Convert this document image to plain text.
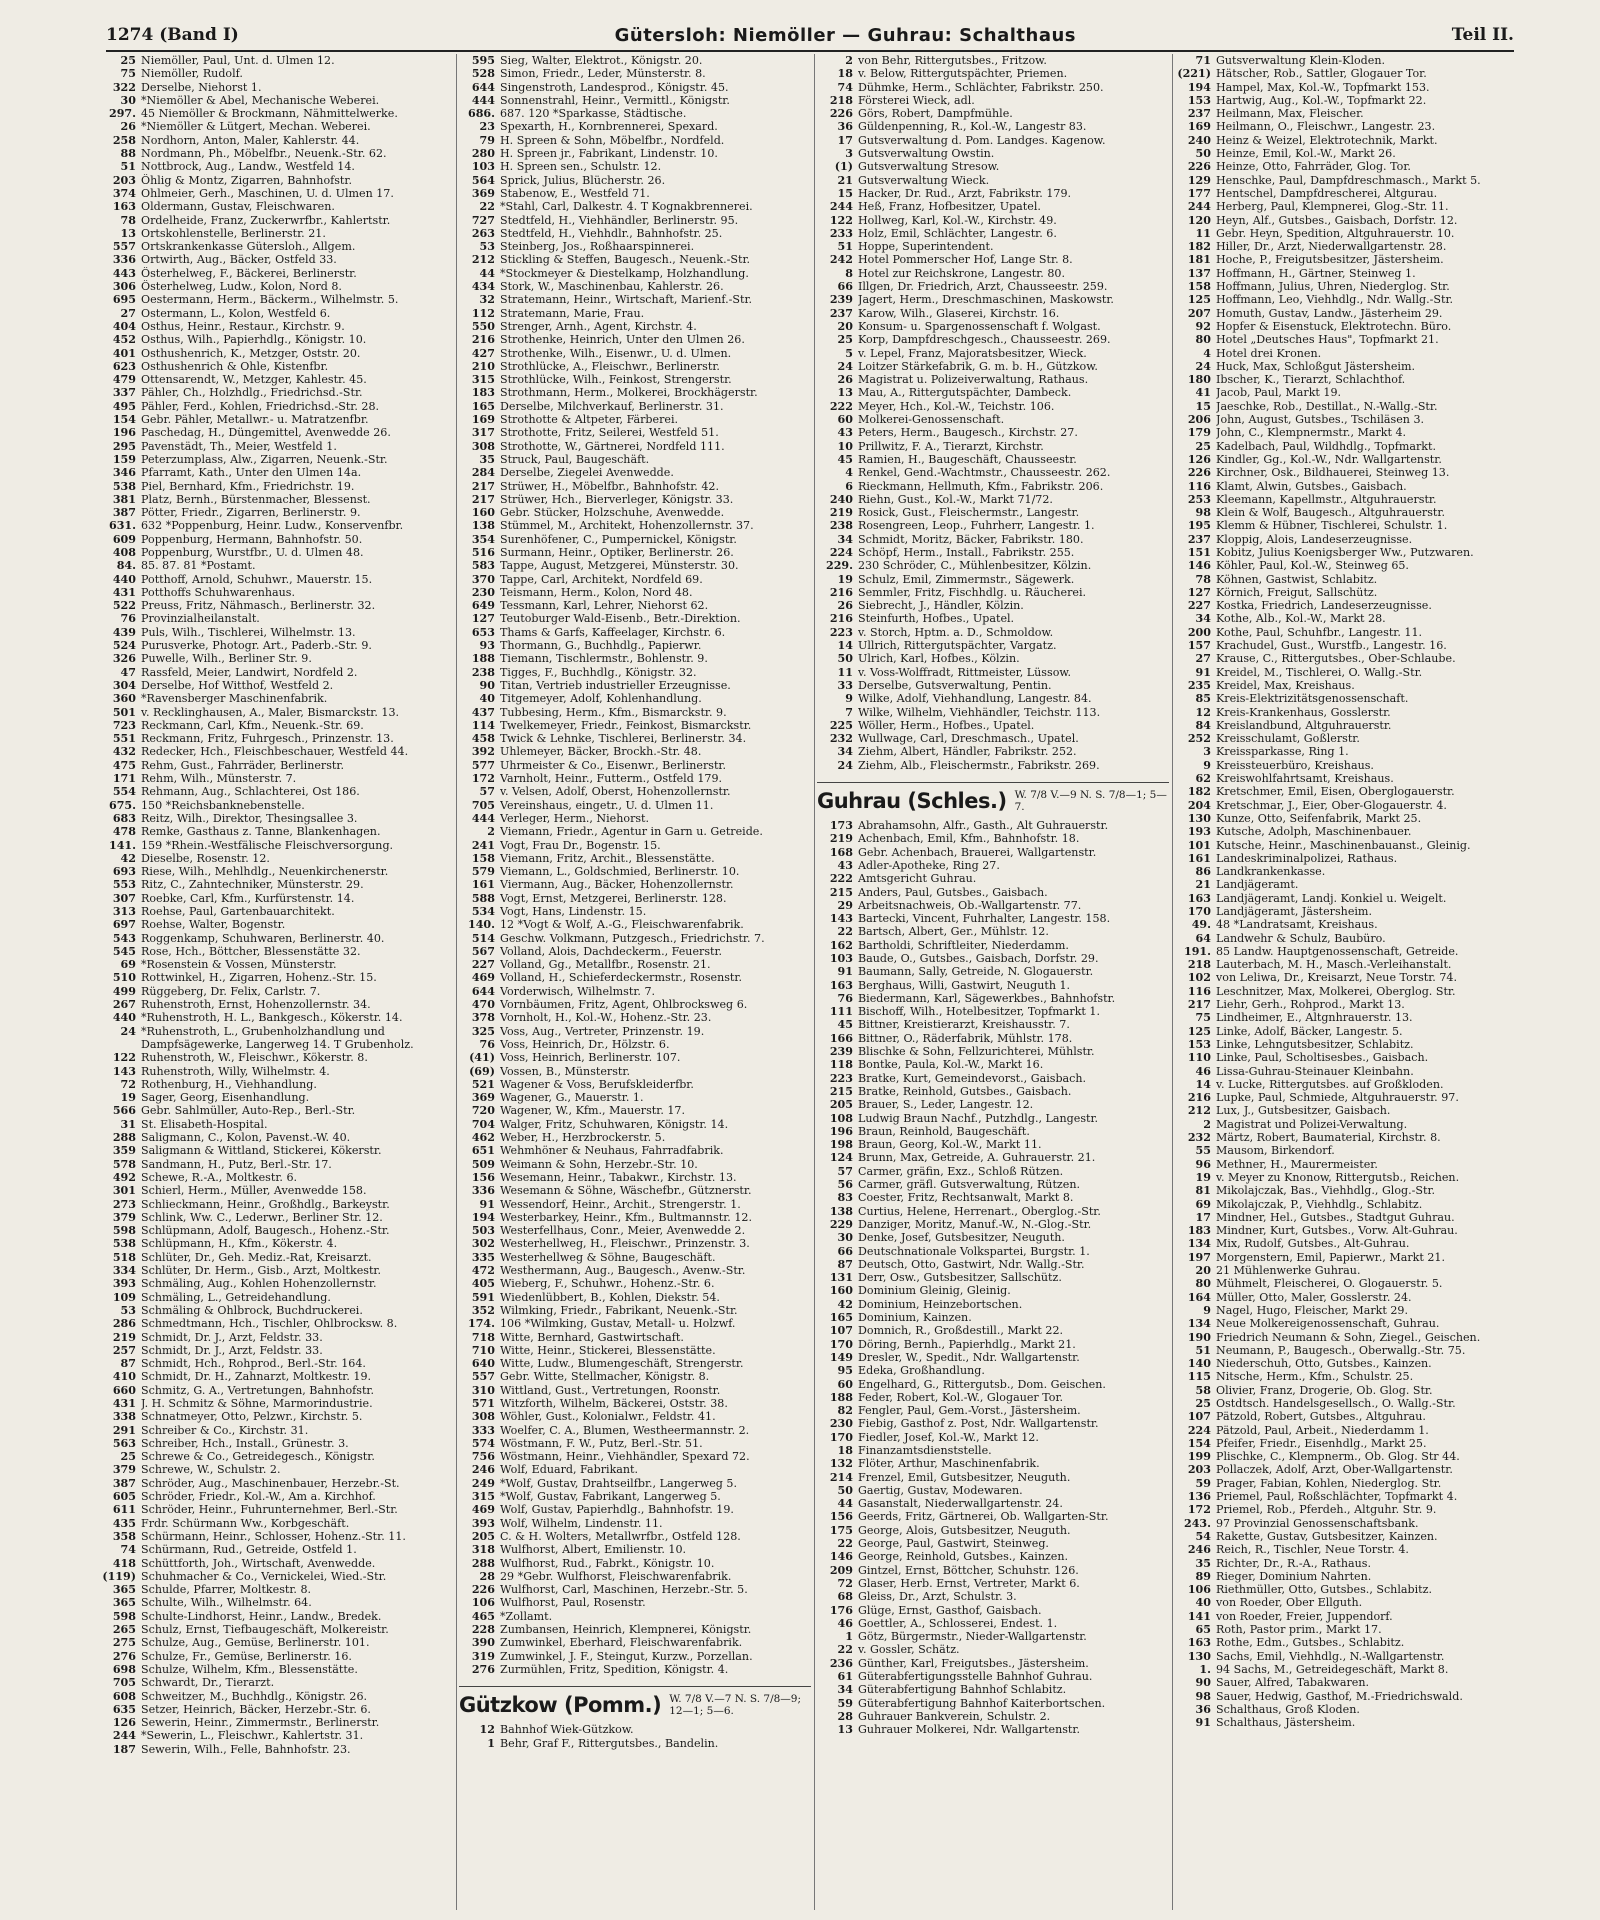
1274 (Band I)	Gütersloh: Niemöller — Guhrau: Schalthaus	Teil II.
25 Niemöller, Paul, Unt. d. Ulmen 12.
75 Niemöller, Rudolf.
322 Derselbe, Niehorst 1.
30 *Niemöller & Abel, Mechanische Weberei.
297. 45 Niemöller & Brockmann, Nähmittelwerke.
26 *Niemöller & Lütgert, Mechan. Weberei.
258 Nordhorn, Anton, Maler, Kahlerstr. 44.
88 Nordmann, Ph., Möbelfbr., Neuenk.-Str. 62.
51 Nottbrock, Aug., Landw., Westfeld 14.
203 Öhlig & Montz, Zigarren, Bahnhofstr.
374 Ohlmeier, Gerh., Maschinen, U. d. Ulmen 17.
163 Oldermann, Gustav, Fleischwaren.
78 Ordelheide, Franz, Zuckerwrfbr., Kahlertstr.
13 Ortskohlenstelle, Berlinerstr. 21.
557 Ortskrankenkasse Gütersloh., Allgem.
336 Ortwirth, Aug., Bäcker, Ostfeld 33.
443 Österhelweg, F., Bäckerei, Berlinerstr.
306 Österhelweg, Ludw., Kolon, Nord 8.
695 Oestermann, Herm., Bäckerm., Wilhelmstr. 5.
27 Ostermann, L., Kolon, Westfeld 6.
404 Osthus, Heinr., Restaur., Kirchstr. 9.
452 Osthus, Wilh., Papierhdlg., Königstr. 10.
401 Osthushenrich, K., Metzger, Oststr. 20.
623 Osthushenrich & Ohle, Kistenfbr.
479 Ottensarendt, W., Metzger, Kahlestr. 45.
337 Pähler, Ch., Holzhdlg., Friedrichsd.-Str.
495 Pähler, Ferd., Kohlen, Friedrichsd.-Str. 28.
154 Gebr. Pähler, Metallwr.- u. Matratzenfbr.
196 Paschedag, H., Düngemittel, Avenwedde 26.
295 Pavenstädt, Th., Meier, Westfeld 1.
159 Peterzumplass, Alw., Zigarren, Neuenk.-Str.
346 Pfarramt, Kath., Unter den Ulmen 14a.
538 Piel, Bernhard, Kfm., Friedrichstr. 19.
381 Platz, Bernh., Bürstenmacher, Blessenst.
387 Pötter, Friedr., Zigarren, Berlinerstr. 9.
631. 632 *Poppenburg, Heinr. Ludw., Konservenfbr.
609 Poppenburg, Hermann, Bahnhofstr. 50.
408 Poppenburg, Wurstfbr., U. d. Ulmen 48.
84. 85. 87. 81 *Postamt.
440 Potthoff, Arnold, Schuhwr., Mauerstr. 15.
431 Potthoffs Schuhwarenhaus.
522 Preuss, Fritz, Nähmasch., Berlinerstr. 32.
76 Provinzialheilanstalt.
439 Puls, Wilh., Tischlerei, Wilhelmstr. 13.
524 Purusverke, Photogr. Art., Paderb.-Str. 9.
326 Puwelle, Wilh., Berliner Str. 9.
47 Rassfeld, Meier, Landwirt, Nordfeld 2.
304 Derselbe, Hof Witthof, Westfeld 2.
360 *Ravensberger Maschinenfabrik.
501 v. Recklinghausen, A., Maler, Bismarckstr. 13.
723 Reckmann, Carl, Kfm., Neuenk.-Str. 69.
551 Reckmann, Fritz, Fuhrgesch., Prinzenstr. 13.
432 Redecker, Hch., Fleischbeschauer, Westfeld 44.
475 Rehm, Gust., Fahrräder, Berlinerstr.
171 Rehm, Wilh., Münsterstr. 7.
554 Rehmann, Aug., Schlachterei, Ost 186.
675. 150 *Reichsbanknebenstelle.
683 Reitz, Wilh., Direktor, Thesingsallee 3.
478 Remke, Gasthaus z. Tanne, Blankenhagen.
141. 159 *Rhein.-Westfälische Fleischversorgung.
42 Dieselbe, Rosenstr. 12.
693 Riese, Wilh., Mehlhdlg., Neuenkirchenerstr.
553 Ritz, C., Zahntechniker, Münsterstr. 29.
307 Roebke, Carl, Kfm., Kurfürstenstr. 14.
313 Roehse, Paul, Gartenbauarchitekt.
697 Roehse, Walter, Bogenstr.
543 Roggenkamp, Schuhwaren, Berlinerstr. 40.
545 Rose, Hch., Böttcher, Blessenstätte 32.
69 *Rosenstein & Vossen, Münsterstr.
510 Rottwinkel, H., Zigarren, Hohenz.-Str. 15.
499 Rüggeberg, Dr. Felix, Carlstr. 7.
267 Ruhenstroth, Ernst, Hohenzollernstr. 34.
440 *Ruhenstroth, H. L., Bankgesch., Kökerstr. 14.
24 *Ruhenstroth, L., Grubenholzhandlung und
Dampfsägewerke, Langerweg 14. T Grubenholz.
122 Ruhenstroth, W., Fleischwr., Kökerstr. 8.
143 Ruhenstroth, Willy, Wilhelmstr. 4.
72 Rothenburg, H., Viehhandlung.
19 Sager, Georg, Eisenhandlung.
566 Gebr. Sahlmüller, Auto-Rep., Berl.-Str.
31 St. Elisabeth-Hospital.
288 Saligmann, C., Kolon, Pavenst.-W. 40.
359 Saligmann & Wittland, Stickerei, Kökerstr.
578 Sandmann, H., Putz, Berl.-Str. 17.
492 Schewe, R.-A., Moltkestr. 6.
301 Schierl, Herm., Müller, Avenwedde 158.
273 Schlieckmann, Heinr., Großhdlg., Barkeystr.
379 Schlink, Ww. C., Lederwr., Berliner Str. 12.
598 Schlüpmann, Adolf, Baugesch., Hohenz.-Str.
538 Schlüpmann, H., Kfm., Kökerstr. 4.
518 Schlüter, Dr., Geh. Mediz.-Rat, Kreisarzt.
334 Schlüter, Dr. Herm., Gisb., Arzt, Moltkestr.
393 Schmäling, Aug., Kohlen Hohenzollernstr.
109 Schmäling, L., Getreidehandlung.
53 Schmäling & Ohlbrock, Buchdruckerei.
286 Schmedtmann, Hch., Tischler, Ohlbrocksw. 8.
219 Schmidt, Dr. J., Arzt, Feldstr. 33.
257 Schmidt, Dr. J., Arzt, Feldstr. 33.
87 Schmidt, Hch., Rohprod., Berl.-Str. 164.
410 Schmidt, Dr. H., Zahnarzt, Moltkestr. 19.
660 Schmitz, G. A., Vertretungen, Bahnhofstr.
431 J. H. Schmitz & Söhne, Marmorindustrie.
338 Schnatmeyer, Otto, Pelzwr., Kirchstr. 5.
291 Schreiber & Co., Kirchstr. 31.
563 Schreiber, Hch., Install., Grünestr. 3.
25 Schrewe & Co., Getreidegesch., Königstr.
379 Schrewe, W., Schulstr. 2.
387 Schröder, Aug., Maschinenbauer, Herzebr.-St.
605 Schröder, Friedr., Kol.-W., Am a. Kirchhof.
611 Schröder, Heinr., Fuhrunternehmer, Berl.-Str.
435 Frdr. Schürmann Ww., Korbgeschäft.
358 Schürmann, Heinr., Schlosser, Hohenz.-Str. 11.
74 Schürmann, Rud., Getreide, Ostfeld 1.
418 Schüttforth, Joh., Wirtschaft, Avenwedde.
(119) Schuhmacher & Co., Vernickelei, Wied.-Str.
365 Schulde, Pfarrer, Moltkestr. 8.
365 Schulte, Wilh., Wilhelmstr. 64.
598 Schulte-Lindhorst, Heinr., Landw., Bredek.
265 Schulz, Ernst, Tiefbaugeschäft, Molkereistr.
275 Schulze, Aug., Gemüse, Berlinerstr. 101.
276 Schulze, Fr., Gemüse, Berlinerstr. 16.
698 Schulze, Wilhelm, Kfm., Blessenstätte.
705 Schwardt, Dr., Tierarzt.
608 Schweitzer, M., Buchhdlg., Königstr. 26.
635 Setzer, Heinrich, Bäcker, Herzebr.-Str. 6.
126 Sewerin, Heinr., Zimmermstr., Berlinerstr.
244 *Sewerin, L., Fleischwr., Kahlertstr. 31.
187 Sewerin, Wilh., Felle, Bahnhofstr. 23.
595 Sieg, Walter, Elektrot., Königstr. 20.
528 Simon, Friedr., Leder, Münsterstr. 8.
644 Singenstroth, Landesprod., Königstr. 45.
444 Sonnenstrahl, Heinr., Vermittl., Königstr.
686. 687. 120 *Sparkasse, Städtische.
23 Spexarth, H., Kornbrennerei, Spexard.
79 H. Spreen & Sohn, Möbelfbr., Nordfeld.
280 H. Spreen jr., Fabrikant, Lindenstr. 10.
103 H. Spreen sen., Schulstr. 12.
564 Sprick, Julius, Blücherstr. 26.
369 Stabenow, E., Westfeld 71.
22 *Stahl, Carl, Dalkestr. 4. T Kognakbrennerei.
727 Stedtfeld, H., Viehhändler, Berlinerstr. 95.
263 Stedtfeld, H., Viehhdlr., Bahnhofstr. 25.
53 Steinberg, Jos., Roßhaarspinnerei.
212 Stickling & Steffen, Baugesch., Neuenk.-Str.
44 *Stockmeyer & Diestelkamp, Holzhandlung.
434 Stork, W., Maschinenbau, Kahlerstr. 26.
32 Stratemann, Heinr., Wirtschaft, Marienf.-Str.
112 Stratemann, Marie, Frau.
550 Strenger, Arnh., Agent, Kirchstr. 4.
216 Strothenke, Heinrich, Unter den Ulmen 26.
427 Strothenke, Wilh., Eisenwr., U. d. Ulmen.
210 Strothlücke, A., Fleischwr., Berlinerstr.
315 Strothlücke, Wilh., Feinkost, Strengerstr.
183 Strothmann, Herm., Molkerei, Brockhägerstr.
165 Derselbe, Milchverkauf, Berlinerstr. 31.
169 Strothotte & Altpeter, Färberei.
317 Strothotte, Fritz, Seilerei, Westfeld 51.
308 Strothotte, W., Gärtnerei, Nordfeld 111.
35 Struck, Paul, Baugeschäft.
284 Derselbe, Ziegelei Avenwedde.
217 Strüwer, H., Möbelfbr., Bahnhofstr. 42.
217 Strüwer, Hch., Bierverleger, Königstr. 33.
160 Gebr. Stücker, Holzschuhe, Avenwedde.
138 Stümmel, M., Architekt, Hohenzollernstr. 37.
354 Surenhöfener, C., Pumpernickel, Königstr.
516 Surmann, Heinr., Optiker, Berlinerstr. 26.
583 Tappe, August, Metzgerei, Münsterstr. 30.
370 Tappe, Carl, Architekt, Nordfeld 69.
230 Teismann, Herm., Kolon, Nord 48.
649 Tessmann, Karl, Lehrer, Niehorst 62.
127 Teutoburger Wald-Eisenb., Betr.-Direktion.
653 Thams & Garfs, Kaffeelager, Kirchstr. 6.
93 Thormann, G., Buchhdlg., Papierwr.
188 Tiemann, Tischlermstr., Bohlenstr. 9.
238 Tigges, F., Buchhdlg., Königstr. 32.
90 Titan, Vertrieb industrieller Erzeugnisse.
40 Titgemeyer, Adolf, Kohlenhandlung.
437 Tubbesing, Herm., Kfm., Bismarckstr. 9.
114 Twelkemeyer, Friedr., Feinkost, Bismarckstr.
458 Twick & Lehnke, Tischlerei, Berlinerstr. 34.
392 Uhlemeyer, Bäcker, Brockh.-Str. 48.
577 Uhrmeister & Co., Eisenwr., Berlinerstr.
172 Varnholt, Heinr., Futterm., Ostfeld 179.
57 v. Velsen, Adolf, Oberst, Hohenzollernstr.
705 Vereinshaus, eingetr., U. d. Ulmen 11.
444 Verleger, Herm., Niehorst.
2 Viemann, Friedr., Agentur in Garn u. Getreide.
241 Vogt, Frau Dr., Bogenstr. 15.
158 Viemann, Fritz, Archit., Blessenstätte.
579 Viemann, L., Goldschmied, Berlinerstr. 10.
161 Viermann, Aug., Bäcker, Hohenzollernstr.
588 Vogt, Ernst, Metzgerei, Berlinerstr. 128.
534 Vogt, Hans, Lindenstr. 15.
140. 12 *Vogt & Wolf, A.-G., Fleischwarenfabrik.
514 Geschw. Volkmann, Putzgesch., Friedrichstr. 7.
567 Volland, Alois, Dachdeckerm., Feuerstr.
227 Volland, Gg., Metallfbr., Rosenstr. 21.
469 Volland, H., Schieferdeckermstr., Rosenstr.
644 Vorderwisch, Wilhelmstr. 7.
470 Vornbäumen, Fritz, Agent, Ohlbrocksweg 6.
378 Vornholt, H., Kol.-W., Hohenz.-Str. 23.
325 Voss, Aug., Vertreter, Prinzenstr. 19.
76 Voss, Heinrich, Dr., Hölzstr. 6.
(41) Voss, Heinrich, Berlinerstr. 107.
(69) Vossen, B., Münsterstr.
521 Wagener & Voss, Berufskleiderfbr.
369 Wagener, G., Mauerstr. 1.
720 Wagener, W., Kfm., Mauerstr. 17.
704 Walger, Fritz, Schuhwaren, Königstr. 14.
462 Weber, H., Herzbrockerstr. 5.
651 Wehmhöner & Neuhaus, Fahrradfabrik.
509 Weimann & Sohn, Herzebr.-Str. 10.
156 Wesemann, Heinr., Tabakwr., Kirchstr. 13.
336 Wesemann & Söhne, Wäschefbr., Gütznerstr.
91 Wessendorf, Heinr., Archit., Strengerstr. 1.
194 Westerbarkey, Heinr., Kfm., Bultmannstr. 12.
503 Westerfellhaus, Conr., Meier, Avenwedde 2.
302 Westerhellweg, H., Fleischwr., Prinzenstr. 3.
335 Westerhellweg & Söhne, Baugeschäft.
472 Westhermann, Aug., Baugesch., Avenw.-Str.
405 Wieberg, F., Schuhwr., Hohenz.-Str. 6.
591 Wiedenlübbert, B., Kohlen, Diekstr. 54.
352 Wilmking, Friedr., Fabrikant, Neuenk.-Str.
174. 106 *Wilmking, Gustav, Metall- u. Holzwf.
718 Witte, Bernhard, Gastwirtschaft.
710 Witte, Heinr., Stickerei, Blessenstätte.
640 Witte, Ludw., Blumengeschäft, Strengerstr.
557 Gebr. Witte, Stellmacher, Königstr. 8.
310 Wittland, Gust., Vertretungen, Roonstr.
571 Witzforth, Wilhelm, Bäckerei, Oststr. 38.
308 Wöhler, Gust., Kolonialwr., Feldstr. 41.
333 Woelfer, C. A., Blumen, Westheermannstr. 2.
574 Wöstmann, F. W., Putz, Berl.-Str. 51.
756 Wöstmann, Heinr., Viehhändler, Spexard 72.
246 Wolf, Eduard, Fabrikant.
249 *Wolf, Gustav, Drahtseilfbr., Langerweg 5.
315 *Wolf, Gustav, Fabrikant, Langerweg 5.
469 Wolf, Gustav, Papierhdlg., Bahnhofstr. 19.
393 Wolf, Wilhelm, Lindenstr. 11.
205 C. & H. Wolters, Metallwrfbr., Ostfeld 128.
318 Wulfhorst, Albert, Emilienstr. 10.
288 Wulfhorst, Rud., Fabrkt., Königstr. 10.
28 29 *Gebr. Wulfhorst, Fleischwarenfabrik.
226 Wulfhorst, Carl, Maschinen, Herzebr.-Str. 5.
106 Wulfhorst, Paul, Rosenstr.
465 *Zollamt.
228 Zumbansen, Heinrich, Klempnerei, Königstr.
390 Zumwinkel, Eberhard, Fleischwarenfabrik.
319 Zumwinkel, J. F., Steingut, Kurzw., Porzellan.
276 Zurmühlen, Fritz, Spedition, Königstr. 4.
Gützkow (Pomm.) W. 7/8 V.—7 N. S. 7/8—9; 12—1; 5—6.
12 Bahnhof Wiek-Gützkow.
1 Behr, Graf F., Rittergutsbes., Bandelin.
2 von Behr, Rittergutsbes., Fritzow.
18 v. Below, Rittergutspächter, Priemen.
74 Dühmke, Herm., Schlächter, Fabrikstr. 250.
218 Försterei Wieck, adl.
226 Görs, Robert, Dampfmühle.
36 Güldenpenning, R., Kol.-W., Langestr 83.
17 Gutsverwaltung d. Pom. Landges. Kagenow.
3 Gutsverwaltung Owstin.
(1) Gutsverwaltung Stresow.
21 Gutsverwaltung Wieck.
15 Hacker, Dr. Rud., Arzt, Fabrikstr. 179.
244 Heß, Franz, Hofbesitzer, Upatel.
122 Hollweg, Karl, Kol.-W., Kirchstr. 49.
233 Holz, Emil, Schlächter, Langestr. 6.
51 Hoppe, Superintendent.
242 Hotel Pommerscher Hof, Lange Str. 8.
8 Hotel zur Reichskrone, Langestr. 80.
66 Illgen, Dr. Friedrich, Arzt, Chausseestr. 259.
239 Jagert, Herm., Dreschmaschinen, Maskowstr.
237 Karow, Wilh., Glaserei, Kirchstr. 16.
20 Konsum- u. Spargenossenschaft f. Wolgast.
25 Korp, Dampfdreschgesch., Chausseestr. 269.
5 v. Lepel, Franz, Majoratsbesitzer, Wieck.
24 Loitzer Stärkefabrik, G. m. b. H., Gützkow.
26 Magistrat u. Polizeiverwaltung, Rathaus.
13 Mau, A., Rittergutspächter, Dambeck.
222 Meyer, Hch., Kol.-W., Teichstr. 106.
60 Molkerei-Genossenschaft.
43 Peters, Herm., Baugesch., Kirchstr. 27.
10 Prillwitz, F. A., Tierarzt, Kirchstr.
45 Ramien, H., Baugeschäft, Chausseestr.
4 Renkel, Gend.-Wachtmstr., Chausseestr. 262.
6 Rieckmann, Hellmuth, Kfm., Fabrikstr. 206.
240 Riehn, Gust., Kol.-W., Markt 71/72.
219 Rosick, Gust., Fleischermstr., Langestr.
238 Rosengreen, Leop., Fuhrherr, Langestr. 1.
34 Schmidt, Moritz, Bäcker, Fabrikstr. 180.
224 Schöpf, Herm., Install., Fabrikstr. 255.
229. 230 Schröder, C., Mühlenbesitzer, Kölzin.
19 Schulz, Emil, Zimmermstr., Sägewerk.
216 Semmler, Fritz, Fischhdlg. u. Räucherei.
26 Siebrecht, J., Händler, Kölzin.
216 Steinfurth, Hofbes., Upatel.
223 v. Storch, Hptm. a. D., Schmoldow.
14 Ullrich, Rittergutspächter, Vargatz.
50 Ulrich, Karl, Hofbes., Kölzin.
11 v. Voss-Wolffradt, Rittmeister, Lüssow.
33 Derselbe, Gutsverwaltung, Pentin.
9 Wilke, Adolf, Viehhandlung, Langestr. 84.
7 Wilke, Wilhelm, Viehhändler, Teichstr. 113.
225 Wöller, Herm., Hofbes., Upatel.
232 Wullwage, Carl, Dreschmasch., Upatel.
34 Ziehm, Albert, Händler, Fabrikstr. 252.
24 Ziehm, Alb., Fleischermstr., Fabrikstr. 269.
Guhrau (Schles.) W. 7/8 V.—9 N. S. 7/8—1; 5—7.
173 Abrahamsohn, Alfr., Gasth., Alt Guhrauerstr.
219 Achenbach, Emil, Kfm., Bahnhofstr. 18.
168 Gebr. Achenbach, Brauerei, Wallgartenstr.
43 Adler-Apotheke, Ring 27.
222 Amtsgericht Guhrau.
215 Anders, Paul, Gutsbes., Gaisbach.
29 Arbeitsnachweis, Ob.-Wallgartenstr. 77.
143 Bartecki, Vincent, Fuhrhalter, Langestr. 158.
22 Bartsch, Albert, Ger., Mühlstr. 12.
162 Bartholdi, Schriftleiter, Niederdamm.
103 Baude, O., Gutsbes., Gaisbach, Dorfstr. 29.
91 Baumann, Sally, Getreide, N. Glogauerstr.
163 Berghaus, Willi, Gastwirt, Neuguth 1.
76 Biedermann, Karl, Sägewerkbes., Bahnhofstr.
111 Bischoff, Wilh., Hotelbesitzer, Topfmarkt 1.
45 Bittner, Kreistierarzt, Kreishausstr. 7.
166 Bittner, O., Räderfabrik, Mühlstr. 178.
239 Blischke & Sohn, Fellzurichterei, Mühlstr.
118 Bontke, Paula, Kol.-W., Markt 16.
223 Bratke, Kurt, Gemeindevorst., Gaisbach.
215 Bratke, Reinhold, Gutsbes., Gaisbach.
205 Brauer, S., Leder, Langestr. 12.
108 Ludwig Braun Nachf., Putzhdlg., Langestr.
196 Braun, Reinhold, Baugeschäft.
198 Braun, Georg, Kol.-W., Markt 11.
124 Brunn, Max, Getreide, A. Guhrauerstr. 21.
57 Carmer, gräfin, Exz., Schloß Rützen.
56 Carmer, gräfl. Gutsverwaltung, Rützen.
83 Coester, Fritz, Rechtsanwalt, Markt 8.
138 Curtius, Helene, Herrenart., Oberglog.-Str.
229 Danziger, Moritz, Manuf.-W., N.-Glog.-Str.
30 Denke, Josef, Gutsbesitzer, Neuguth.
66 Deutschnationale Volkspartei, Burgstr. 1.
87 Deutsch, Otto, Gastwirt, Ndr. Wallg.-Str.
131 Derr, Osw., Gutsbesitzer, Sallschütz.
160 Dominium Gleinig, Gleinig.
42 Dominium, Heinzebortschen.
165 Dominium, Kainzen.
107 Domnich, R., Großdestill., Markt 22.
170 Döring, Bernh., Papierhdlg., Markt 21.
149 Dresler, W., Spedit., Ndr. Wallgartenstr.
95 Edeka, Großhandlung.
60 Engelhard, G., Rittergutsb., Dom. Geischen.
188 Feder, Robert, Kol.-W., Glogauer Tor.
82 Fengler, Paul, Gem.-Vorst., Jästersheim.
230 Fiebig, Gasthof z. Post, Ndr. Wallgartenstr.
170 Fiedler, Josef, Kol.-W., Markt 12.
18 Finanzamtsdienststelle.
132 Flöter, Arthur, Maschinenfabrik.
214 Frenzel, Emil, Gutsbesitzer, Neuguth.
50 Gaertig, Gustav, Modewaren.
44 Gasanstalt, Niederwallgartenstr. 24.
156 Geerds, Fritz, Gärtnerei, Ob. Wallgarten-Str.
175 George, Alois, Gutsbesitzer, Neuguth.
22 George, Paul, Gastwirt, Steinweg.
146 George, Reinhold, Gutsbes., Kainzen.
209 Gintzel, Ernst, Böttcher, Schuhstr. 126.
72 Glaser, Herb. Ernst, Vertreter, Markt 6.
68 Gleiss, Dr., Arzt, Schulstr. 3.
176 Glüge, Ernst, Gasthof, Gaisbach.
46 Goettler, A., Schlosserei, Endest. 1.
1 Götz, Bürgermstr., Nieder-Wallgartenstr.
22 v. Gossler, Schätz.
236 Günther, Karl, Freigutsbes., Jästersheim.
61 Güterabfertigungsstelle Bahnhof Guhrau.
34 Güterabfertigung Bahnhof Schlabitz.
59 Güterabfertigung Bahnhof Kaiterbortschen.
28 Guhrauer Bankverein, Schulstr. 2.
13 Guhrauer Molkerei, Ndr. Wallgartenstr.
71 Gutsverwaltung Klein-Kloden.
(221) Hätscher, Rob., Sattler, Glogauer Tor.
194 Hampel, Max, Kol.-W., Topfmarkt 153.
153 Hartwig, Aug., Kol.-W., Topfmarkt 22.
237 Heilmann, Max, Fleischer.
169 Heilmann, O., Fleischwr., Langestr. 23.
240 Heinz & Weizel, Elektrotechnik, Markt.
50 Heinze, Emil, Kol.-W., Markt 26.
226 Heinze, Otto, Fahrräder, Glog. Tor.
129 Henschke, Paul, Dampfdreschmasch., Markt 5.
177 Hentschel, Dampfdrescherei, Altgurau.
244 Herberg, Paul, Klempnerei, Glog.-Str. 11.
120 Heyn, Alf., Gutsbes., Gaisbach, Dorfstr. 12.
11 Gebr. Heyn, Spedition, Altguhrauerstr. 10.
182 Hiller, Dr., Arzt, Niederwallgartenstr. 28.
181 Hoche, P., Freigutsbesitzer, Jästersheim.
137 Hoffmann, H., Gärtner, Steinweg 1.
158 Hoffmann, Julius, Uhren, Niederglog. Str.
125 Hoffmann, Leo, Viehhdlg., Ndr. Wallg.-Str.
207 Homuth, Gustav, Landw., Jästerheim 29.
92 Hopfer & Eisenstuck, Elektrotechn. Büro.
80 Hotel „Deutsches Haus", Topfmarkt 21.
4 Hotel drei Kronen.
24 Huck, Max, Schloßgut Jästersheim.
180 Ibscher, K., Tierarzt, Schlachthof.
41 Jacob, Paul, Markt 19.
15 Jaeschke, Rob., Destillat., N.-Wallg.-Str.
206 John, August, Gutsbes., Tschiläsen 3.
179 John, C., Klempnermstr., Markt 4.
25 Kadelbach, Paul, Wildhdlg., Topfmarkt.
126 Kindler, Gg., Kol.-W., Ndr. Wallgartenstr.
226 Kirchner, Osk., Bildhauerei, Steinweg 13.
116 Klamt, Alwin, Gutsbes., Gaisbach.
253 Kleemann, Kapellmstr., Altguhrauerstr.
98 Klein & Wolf, Baugesch., Altguhrauerstr.
195 Klemm & Hübner, Tischlerei, Schulstr. 1.
237 Kloppig, Alois, Landeserzeugnisse.
151 Kobitz, Julius Koenigsberger Ww., Putzwaren.
146 Köhler, Paul, Kol.-W., Steinweg 65.
78 Köhnen, Gastwist, Schlabitz.
127 Körnich, Freigut, Sallschütz.
227 Kostka, Friedrich, Landeserzeugnisse.
34 Kothe, Alb., Kol.-W., Markt 28.
200 Kothe, Paul, Schuhfbr., Langestr. 11.
157 Krachudel, Gust., Wurstfb., Langestr. 16.
27 Krause, C., Rittergutsbes., Ober-Schlaube.
91 Kreidel, M., Tischlerei, O. Wallg.-Str.
235 Kreidel, Max, Kreishaus.
85 Kreis-Elektrizitätsgenossenschaft.
12 Kreis-Krankenhaus, Gosslerstr.
84 Kreislandbund, Altguhrauerstr.
252 Kreisschulamt, Goßlerstr.
3 Kreissparkasse, Ring 1.
9 Kreissteuerbüro, Kreishaus.
62 Kreiswohlfahrtsamt, Kreishaus.
182 Kretschmer, Emil, Eisen, Oberglogauerstr.
204 Kretschmar, J., Eier, Ober-Glogauerstr. 4.
130 Kunze, Otto, Seifenfabrik, Markt 25.
193 Kutsche, Adolph, Maschinenbauer.
101 Kutsche, Heinr., Maschinenbauanst., Gleinig.
161 Landeskriminalpolizei, Rathaus.
86 Landkrankenkasse.
21 Landjägeramt.
163 Landjägeramt, Landj. Konkiel u. Weigelt.
170 Landjägeramt, Jästersheim.
49. 48 *Landratsamt, Kreishaus.
64 Landwehr & Schulz, Baubüro.
191. 85 Landw. Hauptgenossenschaft, Getreide.
218 Lauterbach, M. H., Masch.-Verleihanstalt.
102 von Leliwa, Dr., Kreisarzt, Neue Torstr. 74.
116 Leschnitzer, Max, Molkerei, Oberglog. Str.
217 Liehr, Gerh., Rohprod., Markt 13.
75 Lindheimer, E., Altgnhrauerstr. 13.
125 Linke, Adolf, Bäcker, Langestr. 5.
153 Linke, Lehngutsbesitzer, Schlabitz.
110 Linke, Paul, Scholtisesbes., Gaisbach.
46 Lissa-Guhrau-Steinauer Kleinbahn.
14 v. Lucke, Rittergutsbes. auf Großkloden.
216 Lupke, Paul, Schmiede, Altguhrauerstr. 97.
212 Lux, J., Gutsbesitzer, Gaisbach.
2 Magistrat und Polizei-Verwaltung.
232 Märtz, Robert, Baumaterial, Kirchstr. 8.
55 Mausom, Birkendorf.
96 Methner, H., Maurermeister.
19 v. Meyer zu Knonow, Rittergutsb., Reichen.
81 Mikolajczak, Bas., Viehhdlg., Glog.-Str.
69 Mikolajczak, P., Viehhdlg., Schlabitz.
17 Mindner, Hel., Gutsbes., Stadtgut Guhrau.
183 Mindner, Kurt, Gutsbes., Vorw. Alt-Guhrau.
134 Mix, Rudolf, Gutsbes., Alt-Guhrau.
197 Morgenstern, Emil, Papierwr., Markt 21.
20 21 Mühlenwerke Guhrau.
80 Mühmelt, Fleischerei, O. Glogauerstr. 5.
164 Müller, Otto, Maler, Gosslerstr. 24.
9 Nagel, Hugo, Fleischer, Markt 29.
134 Neue Molkereigenossenschaft, Guhrau.
190 Friedrich Neumann & Sohn, Ziegel., Geischen.
51 Neumann, P., Baugesch., Oberwallg.-Str. 75.
140 Niederschuh, Otto, Gutsbes., Kainzen.
115 Nitsche, Herm., Kfm., Schulstr. 25.
58 Olivier, Franz, Drogerie, Ob. Glog. Str.
25 Ostdtsch. Handelsgesellsch., O. Wallg.-Str.
107 Pätzold, Robert, Gutsbes., Altguhrau.
224 Pätzold, Paul, Arbeit., Niederdamm 1.
154 Pfeifer, Friedr., Eisenhdlg., Markt 25.
199 Plischke, C., Klempnerm., Ob. Glog. Str 44.
203 Pollaczek, Adolf, Arzt, Ober-Wallgartenstr.
59 Prager, Fabian, Kohlen, Niederglog. Str.
136 Priemel, Paul, Roßschlächter, Topfmarkt 4.
172 Priemel, Rob., Pferdeh., Altguhr. Str. 9.
243. 97 Provinzial Genossenschaftsbank.
54 Rakette, Gustav, Gutsbesitzer, Kainzen.
246 Reich, R., Tischler, Neue Torstr. 4.
35 Richter, Dr., R.-A., Rathaus.
89 Rieger, Dominium Nahrten.
106 Riethmüller, Otto, Gutsbes., Schlabitz.
40 von Roeder, Ober Ellguth.
141 von Roeder, Freier, Juppendorf.
65 Roth, Pastor prim., Markt 17.
163 Rothe, Edm., Gutsbes., Schlabitz.
130 Sachs, Emil, Viehhdlg., N.-Wallgartenstr.
1. 94 Sachs, M., Getreidegeschäft, Markt 8.
90 Sauer, Alfred, Tabakwaren.
98 Sauer, Hedwig, Gasthof, M.-Friedrichswald.
36 Schalthaus, Groß Kloden.
91 Schalthaus, Jästersheim.
